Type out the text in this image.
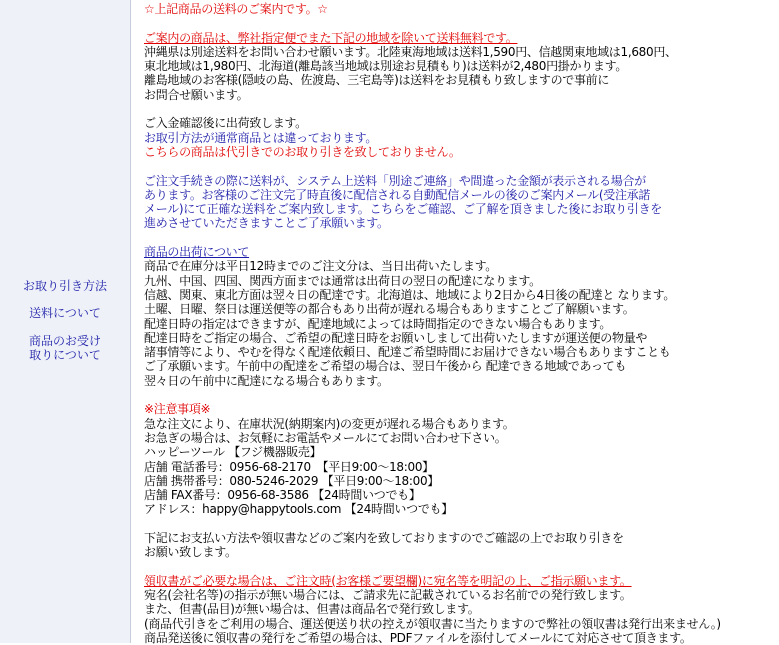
お取り引き方法
送料について
商品のお受け
取りについて
☆上記商品の送料のご案内です。☆
ご案内の商品は、弊社指定便でまた下記の地域を除いて送料無料です。
沖縄県は別途送料をお問い合わせ願います。北陸東海地域は送料1,590円、信越関東地域は1,680円、
東北地域は1,980円、北海道(離島該当地域は別途お見積もり)は送料が2,480円掛かります。
離島地域のお客様(隠岐の島、佐渡島、三宅島等)は送料をお見積もり致しますので事前に
お問合せ願います。
ご入金確認後に出荷致します。
お取引方法が通常商品とは違っております。
こちらの商品は代引きでのお取り引きを致しておりません。
ご注文手続きの際に送料が、システム上送料「別途ご連絡」や間違った金額が表示される場合が
あります。お客様のご注文完了時直後に配信される自動配信メールの後のご案内メール(受注承諾
メール)にて正確な送料をご案内致します。こちらをご確認、ご了解を頂きました後にお取り引きを
進めさせていただきますことご了承願います。
商品の出荷について
商品で在庫分は平日12時までのご注文分は、当日出荷いたします。
九州、中国、四国、関西方面までは通常は出荷日の翌日の配達になります。
信越、関東、東北方面は翌々日の配達です。北海道は、地域により2日から4日後の配達と なります。
土曜、日曜、祭日は運送便等の都合もあり出荷が遅れる場合もありますことご了解願います。
配達日時の指定はできますが、配達地域によっては時間指定のできない場合もあります。
配達日時をご指定の場合、ご希望の配達日時をお願いしまして出荷いたしますが運送便の物量や
諸事情等により、やむを得なく配達依頼日、配達ご希望時間にお届けできない場合もありますことも
ご了承願います。午前中の配達をご希望の場合は、翌日午後から 配達できる地域であっても
翌々日の午前中に配達になる場合もあります。
※注意事項※
急な注文により、在庫状況(納期案内)の変更が遅れる場合もあります。
お急ぎの場合は、お気軽にお電話やメールにてお問い合わせ下さい。
ハッピーツール 【フジ機器販売】
店舗 電話番号：0956-68-2170　【平日9:00～18:00】
店舗 携帯番号：080-5246-2029 【平日9:00～18:00】
店舗 FAX番号：0956-68-3586 【24時間いつでも】
アドレス：happy@happytools.com 【24時間いつでも】
下記にお支払い方法や領収書などのご案内を致しておりますのでご確認の上でお取り引きを
お願い致します。
領収書がご必要な場合は、ご注文時(お客様ご要望欄)に宛名等を明記の上、ご指示願います。
宛名(会社名等)の指示が無い場合には、ご請求先に記載されているお名前での発行致します。
また、但書(品目)が無い場合は、但書は商品名で発行致します。
(商品代引きをご利用の場合、運送便送り状の控えが領収書に当たりますので弊社の領収書は発行出来ません。)
商品発送後に領収書の発行をご希望の場合は、PDFファイルを添付してメールにて対応させて頂きます。
